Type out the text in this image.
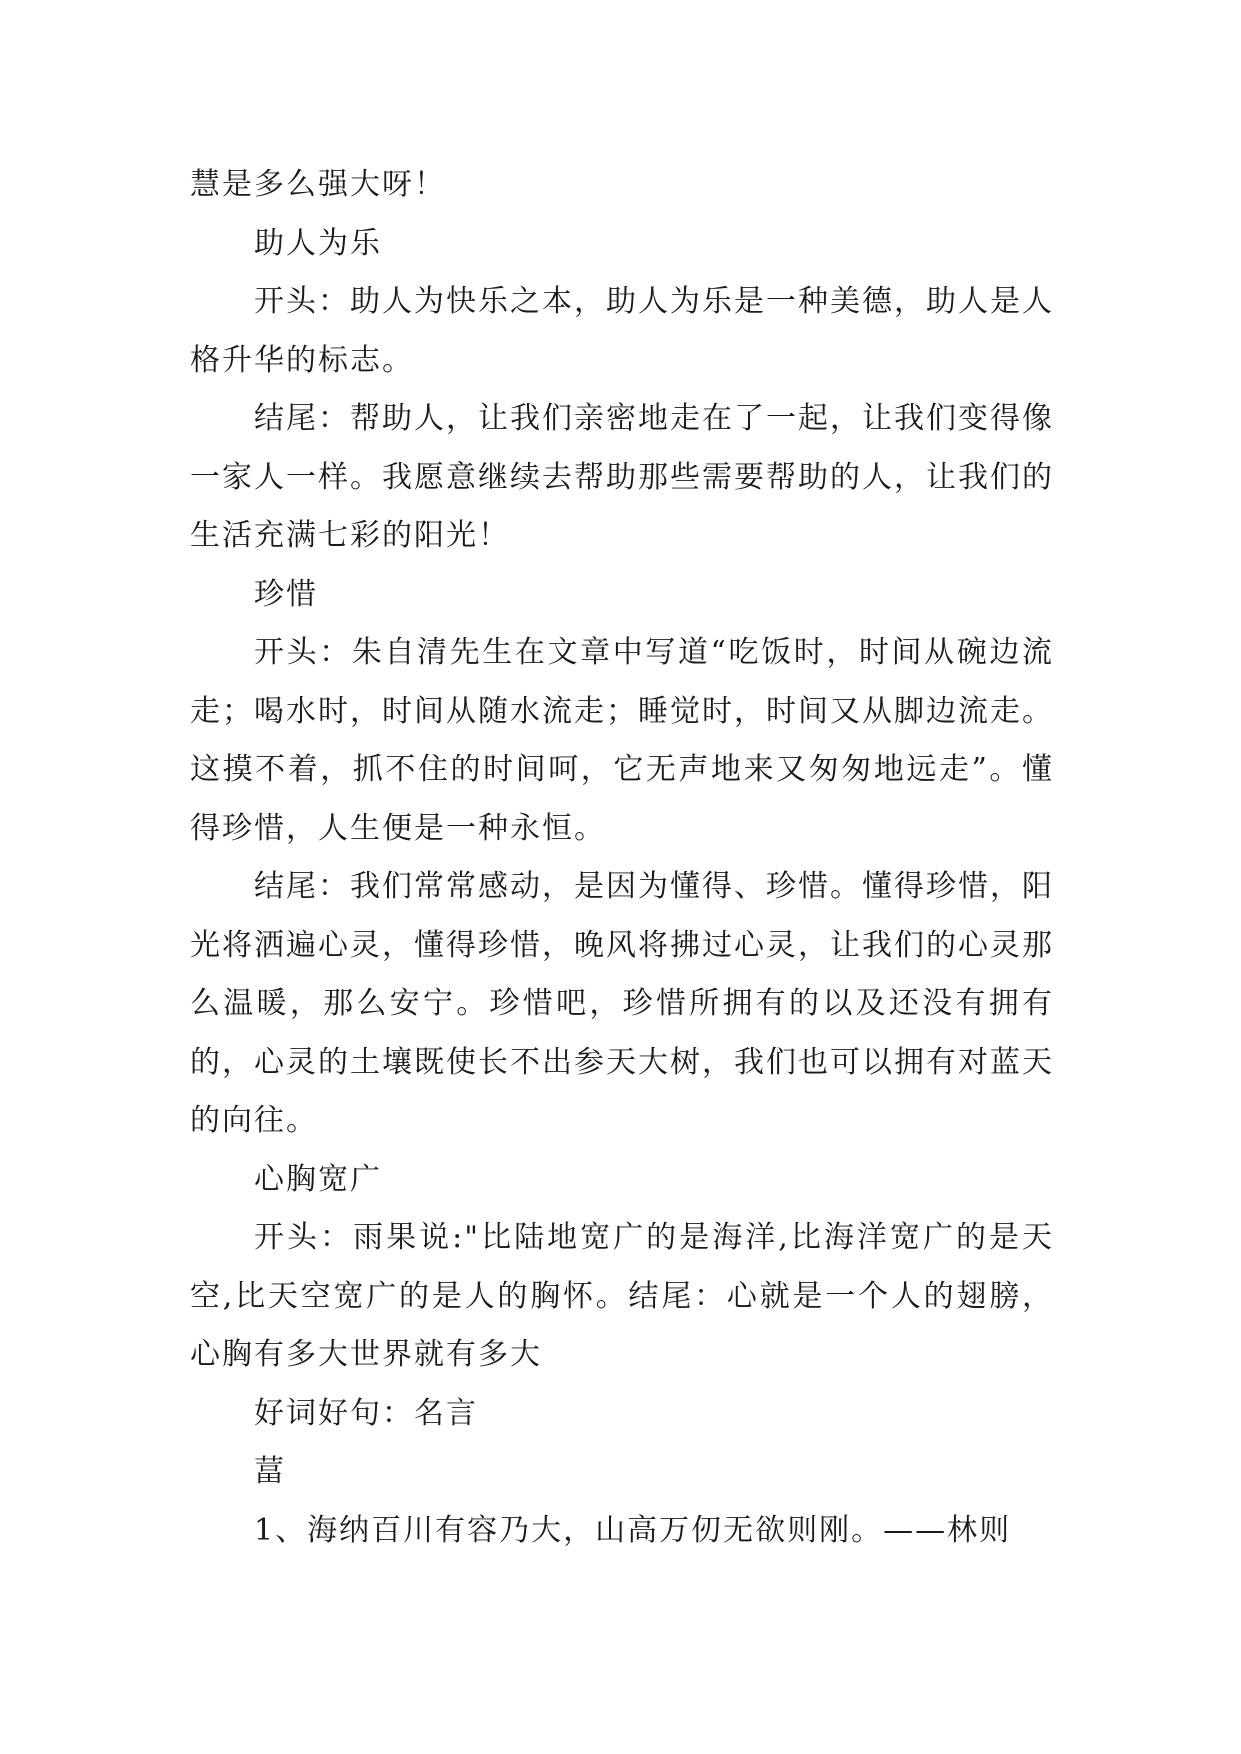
慧是多么强大呀！

助人为乐

开头：助人为快乐之本，助人为乐是一种美德，助人是人格升华的标志。

结尾：帮助人，让我们亲密地走在了一起，让我们变得像一家人一样。我愿意继续去帮助那些需要帮助的人，让我们的生活充满七彩的阳光！

珍惜

开头：朱自清先生在文章中写道“吃饭时，时间从碗边流走；喝水时，时间从随水流走；睡觉时，时间又从脚边流走。这摸不着，抓不住的时间呵，它无声地来又匆匆地远走”。懂得珍惜，人生便是一种永恒。

结尾：我们常常感动，是因为懂得、珍惜。懂得珍惜，阳光将洒遍心灵，懂得珍惜，晚风将拂过心灵，让我们的心灵那么温暖，那么安宁。珍惜吧，珍惜所拥有的以及还没有拥有的，心灵的土壤既使长不出参天大树，我们也可以拥有对蓝天的向往。

心胸宽广

开头：雨果说:"比陆地宽广的是海洋,比海洋宽广的是天空,比天空宽广的是人的胸怀。结尾：心就是一个人的翅膀，心胸有多大世界就有多大

好词好句：名言

葍

1、海纳百川有容乃大，山高万仞无欲则刚。——林则
